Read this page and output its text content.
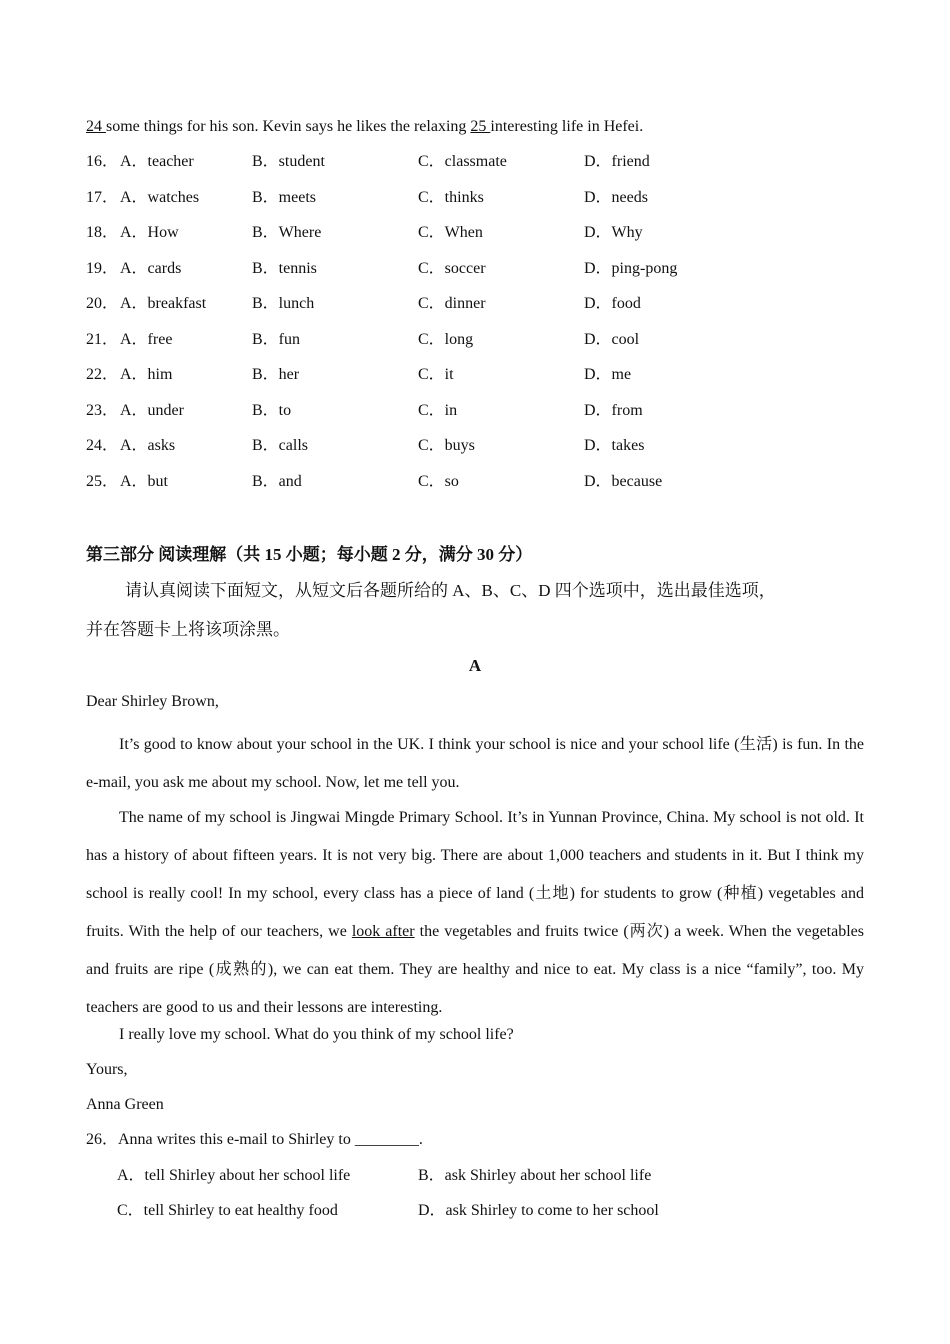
24 some things for his son. Kevin says he likes the relaxing 25 interesting life in Hefei.
16． A．teacher	B．student	C．classmate	D．friend
17． A．watches	B．meets	C．thinks	D．needs
18． A．How	B．Where	C．When	D．Why
19． A．cards	B．tennis	C．soccer	D．ping-pong
20． A．breakfast	B．lunch	C．dinner	D．food
21． A．free	B．fun	C．long	D．cool
22． A．him	B．her	C．it	D．me
23． A．under	B．to	C．in	D．from
24． A．asks	B．calls	C．buys	D．takes
25． A．but	B．and	C．so	D．because
第三部分 阅读理解（共 15 小题；每小题 2 分，满分 30 分）
请认真阅读下面短文，从短文后各题所给的 A、B、C、D 四个选项中，选出最佳选项，
并在答题卡上将该项涂黑。
A
Dear Shirley Brown,

It’s good to know about your school in the UK. I think your school is nice and your school life (生活) is fun. In the e-mail, you ask me about my school. Now, let me tell you.

The name of my school is Jingwai Mingde Primary School. It’s in Yunnan Province, China. My school is not old. It has a history of about fifteen years. It is not very big. There are about 1,000 teachers and students in it. But I think my school is really cool! In my school, every class has a piece of land (土地) for students to grow (种植) vegetables and fruits. With the help of our teachers, we look after the vegetables and fruits twice (两次) a week. When the vegetables and fruits are ripe (成熟的), we can eat them. They are healthy and nice to eat. My class is a nice “family”, too. My teachers are good to us and their lessons are interesting.

I really love my school. What do you think of my school life?
Yours,
Anna Green
26．Anna writes this e-mail to Shirley to ________.
A．tell Shirley about her school life	B．ask Shirley about her school life
C．tell Shirley to eat healthy food	D．ask Shirley to come to her school
